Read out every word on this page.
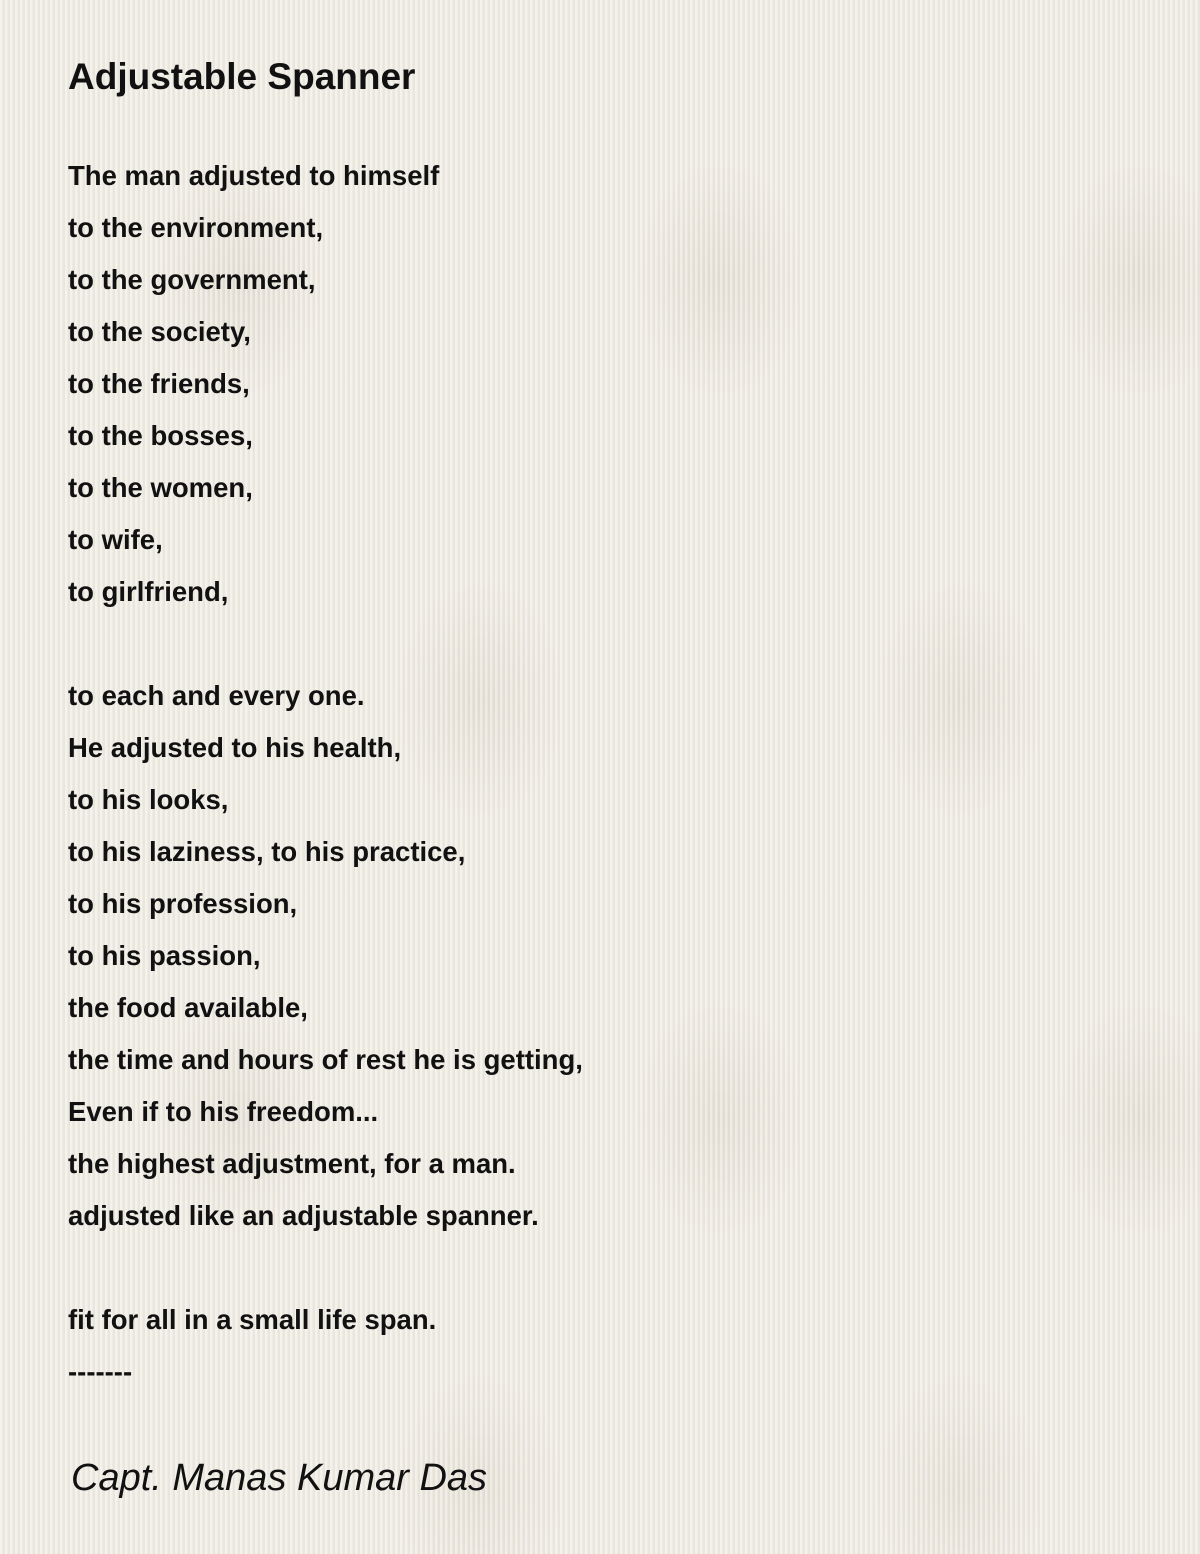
Adjustable Spanner

The man adjusted to himself
to the environment,
to the government,
to the society,
to the friends,
to the bosses,
to the women,
to wife,
to girlfriend,

to each and every one.
He adjusted to his health,
to his looks,
to his laziness, to his practice,
to his profession,
to his passion,
the food available,
the time and hours of rest he is getting,
Even if to his freedom...
the highest adjustment, for a man.
adjusted like an adjustable spanner.

fit for all in a small life span.
-------

Capt. Manas Kumar Das
